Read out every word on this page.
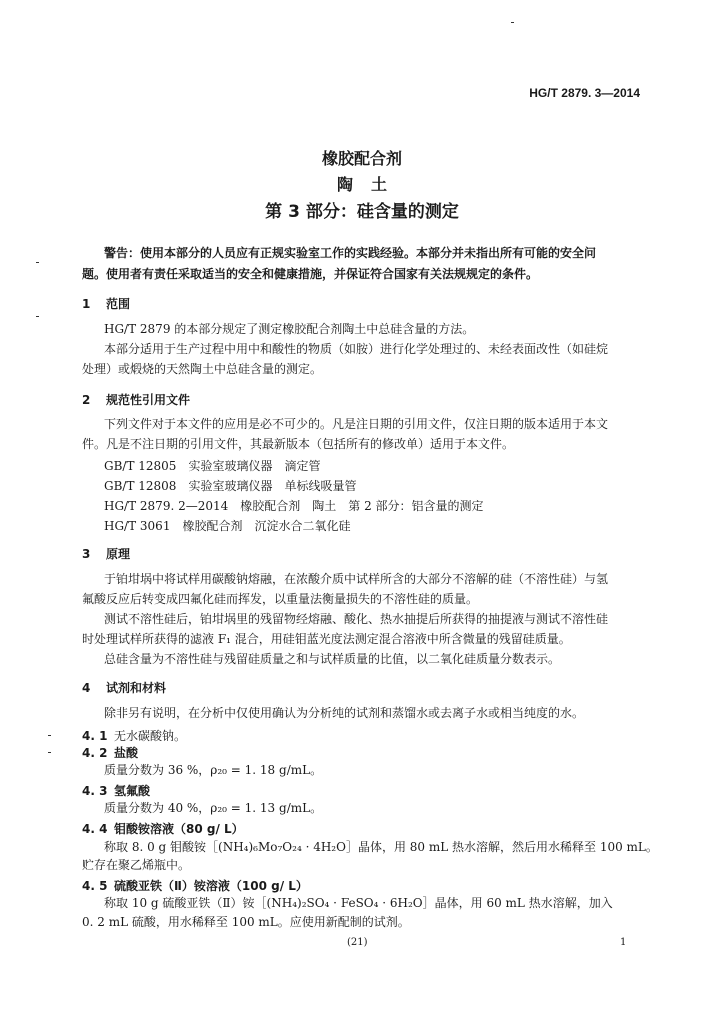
HG/T 2879. 3—2014
橡胶配合剂
陶土
第 3 部分：硅含量的测定
警告：使用本部分的人员应有正规实验室工作的实践经验。本部分并未指出所有可能的安全问
题。使用者有责任采取适当的安全和健康措施，并保证符合国家有关法规规定的条件。
1 范围
HG/T 2879 的本部分规定了测定橡胶配合剂陶土中总硅含量的方法。
本部分适用于生产过程中用中和酸性的物质（如胺）进行化学处理过的、未经表面改性（如硅烷
处理）或煅烧的天然陶土中总硅含量的测定。
2 规范性引用文件
下列文件对于本文件的应用是必不可少的。凡是注日期的引用文件，仅注日期的版本适用于本文
件。凡是不注日期的引用文件，其最新版本（包括所有的修改单）适用于本文件。
GB/T 12805 实验室玻璃仪器　滴定管
GB/T 12808 实验室玻璃仪器　单标线吸量管
HG/T 2879. 2—2014 橡胶配合剂　陶土　第 2 部分：铝含量的测定
HG/T 3061 橡胶配合剂　沉淀水合二氧化硅
3 原理
于铂坩埚中将试样用碳酸钠熔融，在浓酸介质中试样所含的大部分不溶解的硅（不溶性硅）与氢
氟酸反应后转变成四氟化硅而挥发，以重量法衡量损失的不溶性硅的质量。
测试不溶性硅后，铂坩埚里的残留物经熔融、酸化、热水抽提后所获得的抽提液与测试不溶性硅
时处理试样所获得的滤液 F₁ 混合，用硅钼蓝光度法测定混合溶液中所含微量的残留硅质量。
总硅含量为不溶性硅与残留硅质量之和与试样质量的比值，以二氧化硅质量分数表示。
4 试剂和材料
除非另有说明，在分析中仅使用确认为分析纯的试剂和蒸馏水或去离子水或相当纯度的水。
4. 1 无水碳酸钠。
4. 2 盐酸
质量分数为 36 %，ρ₂₀ = 1. 18 g/mL。
4. 3 氢氟酸
质量分数为 40 %，ρ₂₀ = 1. 13 g/mL。
4. 4 钼酸铵溶液（80 g/ L）
称取 8. 0 g 钼酸铵［(NH₄)₆Mo₇O₂₄ · 4H₂O］晶体，用 80 mL 热水溶解，然后用水稀释至 100 mL。
贮存在聚乙烯瓶中。
4. 5 硫酸亚铁（Ⅱ）铵溶液（100 g/ L）
称取 10 g 硫酸亚铁（Ⅱ）铵［(NH₄)₂SO₄ · FeSO₄ · 6H₂O］晶体，用 60 mL 热水溶解，加入
0. 2 mL 硫酸，用水稀释至 100 mL。应使用新配制的试剂。
(21)	1
